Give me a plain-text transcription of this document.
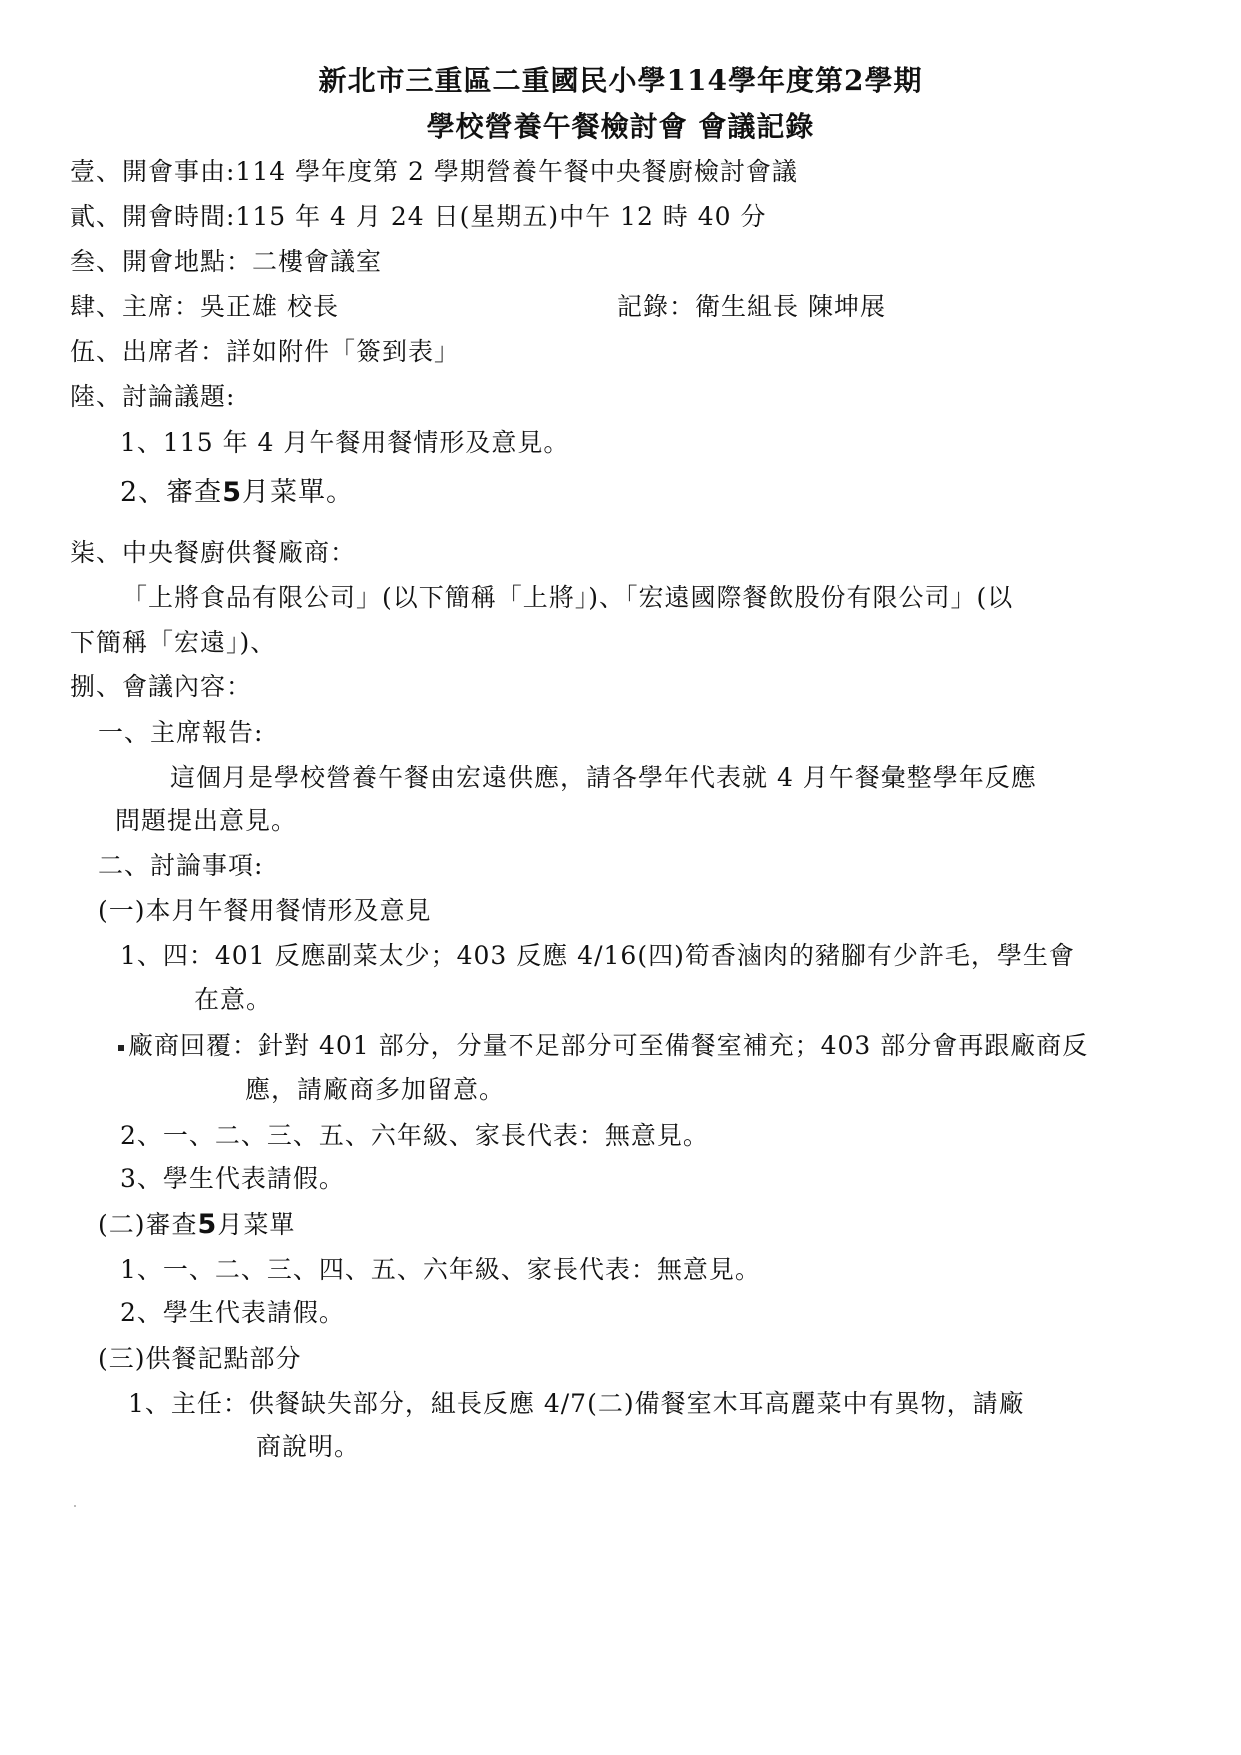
新北市三重區二重國民小學114學年度第2學期
學校營養午餐檢討會 會議記錄
壹、開會事由:114 學年度第 2 學期營養午餐中央餐廚檢討會議
貳、開會時間:115 年 4 月 24 日(星期五)中午 12 時 40 分
叁、開會地點：二樓會議室
肆、主席：吳正雄 校長	記錄：衛生組長 陳坤展
伍、出席者：詳如附件「簽到表」
陸、討論議題:
1、115 年 4 月午餐用餐情形及意見。
2、審查5月菜單。
柒、中央餐廚供餐廠商：
「上將食品有限公司」(以下簡稱「上將」)、「宏遠國際餐飲股份有限公司」(以
下簡稱「宏遠」)、
捌、會議內容：
一、主席報告:
這個月是學校營養午餐由宏遠供應，請各學年代表就 4 月午餐彙整學年反應
問題提出意見。
二、討論事項:
(一)本月午餐用餐情形及意見
1、四：401 反應副菜太少；403 反應 4/16(四)筍香滷肉的豬腳有少許毛，學生會
在意。
廠商回覆：針對 401 部分，分量不足部分可至備餐室補充；403 部分會再跟廠商反
應，請廠商多加留意。
2、一、二、三、五、六年級、家長代表：無意見。
3、學生代表請假。
(二)審查5月菜單
1、一、二、三、四、五、六年級、家長代表：無意見。
2、學生代表請假。
(三)供餐記點部分
1、主任：供餐缺失部分，組長反應 4/7(二)備餐室木耳高麗菜中有異物，請廠
商說明。
